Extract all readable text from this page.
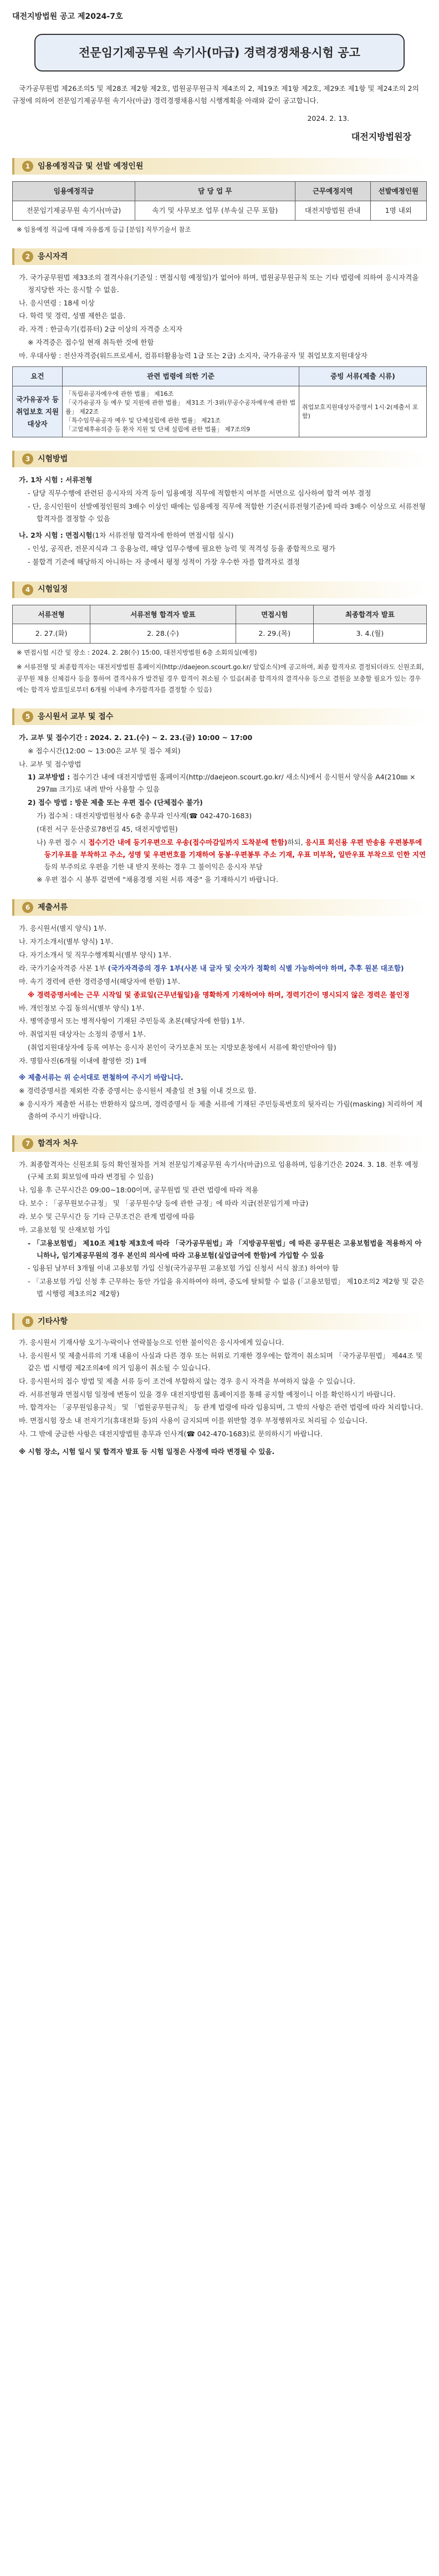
대전지방법원 공고 제2024-7호
전문임기제공무원 속기사(마급) 경력경쟁채용시험 공고
국가공무원법 제26조의5 및 제28조 제2항 제2호, 법원공무원규칙 제4조의 2, 제19조 제1항 제2호, 제29조 제1항 및 제24조의 2의 규정에 의하여 전문임기제공무원 속기사(마급) 경력경쟁채용시험 시행계획을 아래와 같이 공고합니다.
2024. 2. 13.
대전지방법원장
1 임용예정직급 및 선발 예정인원
임용예정직급	담 당 업 무	근무예정지역	선발예정인원
전문임기제공무원 속기사(마급)	속기 및 사무보조 업무 (부속실 근무 포함)	대전지방법원 관내	1명 내외
※ 임용예정 직급에 대해 자유롭게 등급 [분임] 직무기술서 참조
2 응시자격
가. 국가공무원법 제33조의 결격사유(기준일 : 면접시험 예정일)가 없어야 하며, 법원공무원규칙 또는 기타 법령에 의하여 응시자격을 정지당한 자는 응시할 수 없음.
나. 응시연령 : 18세 이상
다. 학력 및 경력, 성별 제한은 없음.
라. 자격 : 한글속기(컴퓨터) 2급 이상의 자격증 소지자
※ 자격증은 접수일 현재 취득한 것에 한함
마. 우대사항 : 전산자격증(워드프로세서, 컴퓨터활용능력 1급 또는 2급) 소지자, 국가유공자 및 취업보호지원대상자
요건	관련 법령에 의한 기준	증빙 서류(제출 시류)
국가유공자 등 취업보호 지원 대상자	「독립유공자예우에 관한 법률」 제16조
「국가유공자 등 예우 및 지원에 관한 법률」 제31조 기·3위(무공수공자예우에 관한 법률」 제22조
「특수임무유공자 예우 및 단체설립에 관한 법률」 제21조
「고엽제후유의증 등 환자 지원 및 단체 설립에 관한 법률」 제7조의9	취업보호지원대상자증명서 1시·2(제출서 포함)
3 시험방법
가. 1차 시험 : 서류전형
- 담당 직무수행에 관련된 응시자의 자격 등이 임용예정 직무에 적합한지 여부를 서면으로 심사하여 합격 여부 결정
- 단, 응시인원이 선발예정인원의 3배수 이상인 때에는 임용예정 직무에 적합한 기준(서류전형기준)에 따라 3배수 이상으로 서류전형 합격자를 결정할 수 있음
나. 2차 시험 : 면접시험(1차 서류전형 합격자에 한하여 면접시험 실시)
- 인성, 공직관, 전문지식과 그 응용능력, 해당 업무수행에 필요한 능력 및 적격성 등을 종합적으로 평가
- 불합격 기준에 해당하지 아니하는 자 중에서 평정 성적이 가장 우수한 자를 합격자로 결정
4 시험일정
서류전형	서류전형 합격자 발표	면접시험	최종합격자 발표
2. 27.(화)	2. 28.(수)	2. 29.(목)	3. 4.(월)
※ 면접시험 시간 및 장소 : 2024. 2. 28(수) 15:00, 대전지방법원 6층 소회의실(예정)
※ 서류전형 및 최종합격자는 대전지방법원 홈페이지(http://daejeon.scourt.go.kr/ 알림소식)에 공고하며, 최종 합격자로 결정되더라도 신원조회, 공무원 채용 신체검사 등을 통하여 결격사유가 발견될 경우 합격이 취소될 수 있음(최종 합격자의 결격사유 등으로 결원을 보충할 필요가 있는 경우에는 합격자 발표일로부터 6개월 이내에 추가합격자를 결정할 수 있음)
5 응시원서 교부 및 접수
가. 교부 및 접수기간 : 2024. 2. 21.(수) ~ 2. 23.(금) 10:00 ~ 17:00
※ 접수시간(12:00 ~ 13:00은 교부 및 접수 제외)
나. 교부 및 접수방법
1) 교부방법 : 접수기간 내에 대전지방법원 홈페이지(http://daejeon.scourt.go.kr/ 새소식)에서 응시원서 양식을 A4(210㎜ × 297㎜ 크기)로 내려 받아 사용할 수 있음
2) 접수 방법 : 방문 제출 또는 우편 접수 (단체접수 불가)
가) 접수처 : 대전지방법원청사 6층 총무과 인사계(☎ 042-470-1683)
(대전 서구 둔산중로78번길 45, 대전지방법원)
나) 우편 접수 시 접수기간 내에 등기우편으로 우송(접수마감일까지 도착분에 한함)하되, 응시표 회신용 우편 반송용 우편봉투에 등기우표를 부착하고 주소, 성명 및 우편번호를 기재하여 동봉·우편봉투 주소 기재, 우표 미부착, 일반우표 부착으로 인한 지연 등의 부주의로 우편을 기한 내 받지 못하는 경우 그 불이익은 응시자 부담
※ 우편 접수 시 봉투 겉면에 "채용경쟁 지원 서류 재중" 을 기재하시기 바랍니다.
6 제출서류
가. 응시원서(별지 양식) 1부.
나. 자기소개서(별부 양식) 1부.
다. 자기소개서 및 직무수행계획서(별부 양식) 1부.
라. 국가기술자격증 사본 1부 (국가자격증의 경우 1부(사본 내 글자 및 숫자가 정확히 식별 가능하여야 하며, 추후 원본 대조함)
마. 속기 경력에 관한 경력증명서(해당자에 한함) 1부.
※ 경력증명서에는 근무 시작일 및 종료일(근무년월일)을 명확하게 기재하여야 하며, 경력기간이 명시되지 않은 경력은 불인정
바. 개인정보 수집 동의서(별부 양식) 1부.
사. 병역증명서 또는 병적사항이 기재된 주민등록 초본(해당자에 한함) 1부.
아. 취업지원 대상자는 소정의 증명서 1부.
(취업지원대상자에 등록 여부는 응시자 본인이 국가보훈처 또는 지방보훈청에서 서류에 확인받아야 함)
자. 명함사진(6개월 이내에 촬영한 것) 1매
※ 제출서류는 위 순서대로 편철하여 주시기 바랍니다.
※ 경력증명서를 제외한 각종 증명서는 응시원서 제출일 전 3월 이내 것으로 함.
※ 응시자가 제출한 서류는 반환하지 않으며, 경력증명서 등 제출 서류에 기재된 주민등록번호의 뒷자리는 가림(masking) 처리하여 제출하여 주시기 바랍니다.
7 합격자 처우
가. 최종합격자는 신원조회 등의 확인절차를 거쳐 전문임기제공무원 속기사(마급)으로 임용하며, 임용기간은 2024. 3. 18. 전후 예정(구체 조회 회보일에 따라 변경될 수 있음)
나. 임용 후 근무시간은 09:00~18:00이며, 공무원법 및 관련 법령에 따라 적용
다. 보수 : 「공무원보수규정」 및 「공무원수당 등에 관한 규정」에 따라 지급(전문임기제 마급)
라. 보수 및 근무시간 등 기타 근무조건은 관계 법령에 따름
마. 고용보험 및 산재보험 가입
- 「고용보험법」 제10조 제1항 제3호에 따라 「국가공무원법」과 「지방공무원법」에 따른 공무원은 고용보험법을 적용하지 아니하나, 임기제공무원의 경우 본인의 의사에 따라 고용보험(실업급여에 한함)에 가입할 수 있음
- 임용된 날부터 3개월 이내 고용보험 가입 신청(국가공무원 고용보험 가입 신청서 서식 참조) 하여야 함
- 「고용보험 가입 신청 후 근무하는 동안 가입을 유지하여야 하며, 중도에 탈퇴할 수 없음 (「고용보험법」 제10조의2 제2항 및 같은 법 시행령 제3조의2 제2항)
8 기타사항
가. 응시원서 기재사항 오기·누락이나 연락불능으로 인한 불이익은 응시자에게 있습니다.
나. 응시원서 및 제출서류의 기재 내용이 사실과 다른 경우 또는 허위로 기재한 경우에는 합격이 취소되며 「국가공무원법」 제44조 및 같은 법 시행령 제2조의4에 의거 임용이 취소될 수 있습니다.
다. 응시원서의 접수 방법 및 제출 서류 등이 조건에 부합하지 않는 경우 응시 자격을 부여하지 않을 수 있습니다.
라. 서류전형과 면접시험 일정에 변동이 있을 경우 대전지방법원 홈페이지를 통해 공지할 예정이니 이를 확인하시기 바랍니다.
마. 합격자는 「공무원임용규칙」 및 「법원공무원규칙」 등 관계 법령에 따라 임용되며, 그 밖의 사항은 관련 법령에 따라 처리합니다.
바. 면접시험 장소 내 전자기기(휴대전화 등)의 사용이 금지되며 이를 위반할 경우 부정행위자로 처리될 수 있습니다.
사. 그 밖에 궁금한 사항은 대전지방법원 총무과 인사계(☎ 042-470-1683)로 문의하시기 바랍니다.
※ 시험 장소, 시험 일시 및 합격자 발표 등 시험 일정은 사정에 따라 변경될 수 있음.
